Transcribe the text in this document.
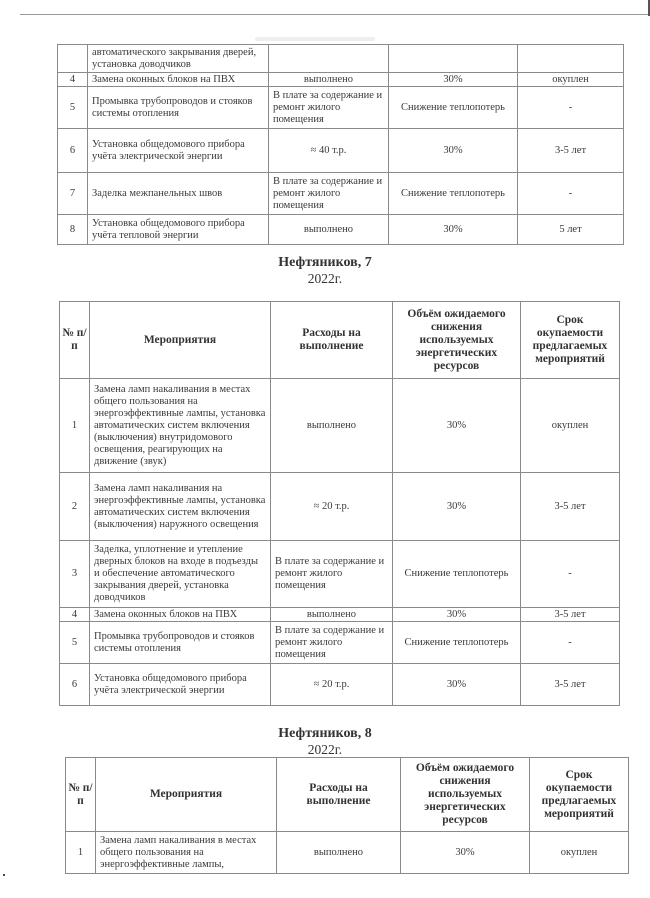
	автоматического закрывания дверей, установка доводчиков			
4	Замена оконных блоков на ПВХ	выполнено	30%	окуплен
5	Промывка трубопроводов и стояков системы отопления	В плате за содержание и ремонт жилого помещения	Снижение теплопотерь	-
6	Установка общедомового прибора учёта электрической энергии	≈ 40 т.р.	30%	3-5 лет
7	Заделка межпанельных швов	В плате за содержание и ремонт жилого помещения	Снижение теплопотерь	-
8	Установка общедомового прибора учёта тепловой энергии	выполнено	30%	5 лет
Нефтяников, 7
2022г.
№ п/п	Мероприятия	Расходы на выполнение	Объём ожидаемого снижения используемых энергетических ресурсов	Срок окупаемости предлагаемых мероприятий
1	Замена ламп накаливания в местах общего пользования на энергоэффективные лампы, установка автоматических систем включения (выключения) внутридомового освещения, реагирующих на движение (звук)	выполнено	30%	окуплен
2	Замена ламп накаливания на энергоэффективные лампы, установка автоматических систем включения (выключения) наружного освещения	≈ 20 т.р.	30%	3-5 лет
3	Заделка, уплотнение и утепление дверных блоков на входе в подъезды и обеспечение автоматического закрывания дверей, установка доводчиков	В плате за содержание и ремонт жилого помещения	Снижение теплопотерь	-
4	Замена оконных блоков на ПВХ	выполнено	30%	3-5 лет
5	Промывка трубопроводов и стояков системы отопления	В плате за содержание и ремонт жилого помещения	Снижение теплопотерь	-
6	Установка общедомового прибора учёта электрической энергии	≈ 20 т.р.	30%	3-5 лет
Нефтяников, 8
2022г.
№ п/п	Мероприятия	Расходы на выполнение	Объём ожидаемого снижения используемых энергетических ресурсов	Срок окупаемости предлагаемых мероприятий
1	Замена ламп накаливания в местах общего пользования на энергоэффективные лампы,	выполнено	30%	окуплен
